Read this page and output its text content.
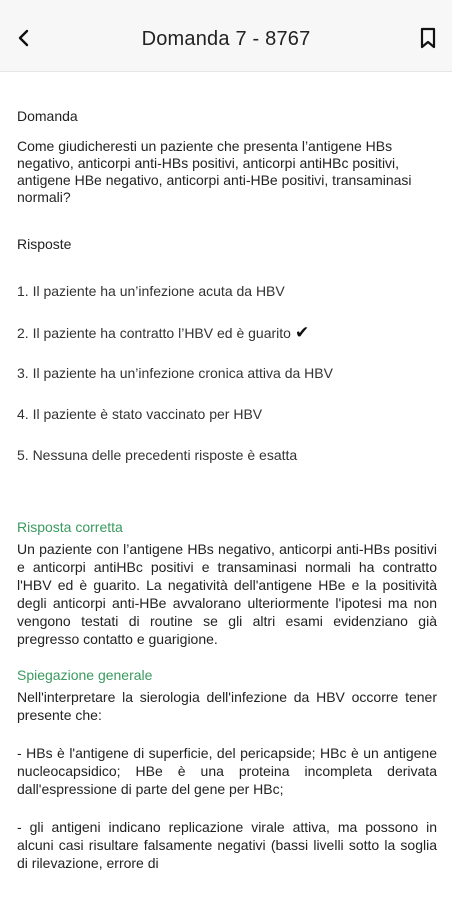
Domanda 7 - 8767
Domanda
Come giudicheresti un paziente che presenta l’antigene HBs negativo, anticorpi anti-HBs positivi, anticorpi antiHBc positivi, antigene HBe negativo, anticorpi anti-HBe positivi, transaminasi normali?
Risposte
1. Il paziente ha un’infezione acuta da HBV
2. Il paziente ha contratto l’HBV ed è guarito ✔
3. Il paziente ha un’infezione cronica attiva da HBV
4. Il paziente è stato vaccinato per HBV
5. Nessuna delle precedenti risposte è esatta
Risposta corretta
Un paziente con l’antigene HBs negativo, anticorpi anti-HBs positivi e anticorpi antiHBc positivi e transaminasi normali ha contratto l'HBV ed è guarito. La negatività dell'antigene HBe e la positività degli anticorpi anti-HBe avvalorano ulteriormente l'ipotesi ma non vengono testati di routine se gli altri esami evidenziano già pregresso contatto e guarigione.
Spiegazione generale
Nell'interpretare la sierologia dell'infezione da HBV occorre tener presente che:
- HBs è l'antigene di superficie, del pericapside; HBc è un antigene nucleocapsidico; HBe è una proteina incompleta derivata dall'espressione di parte del gene per HBc;
- gli antigeni indicano replicazione virale attiva, ma possono in alcuni casi risultare falsamente negativi (bassi livelli sotto la soglia di rilevazione, errore di
